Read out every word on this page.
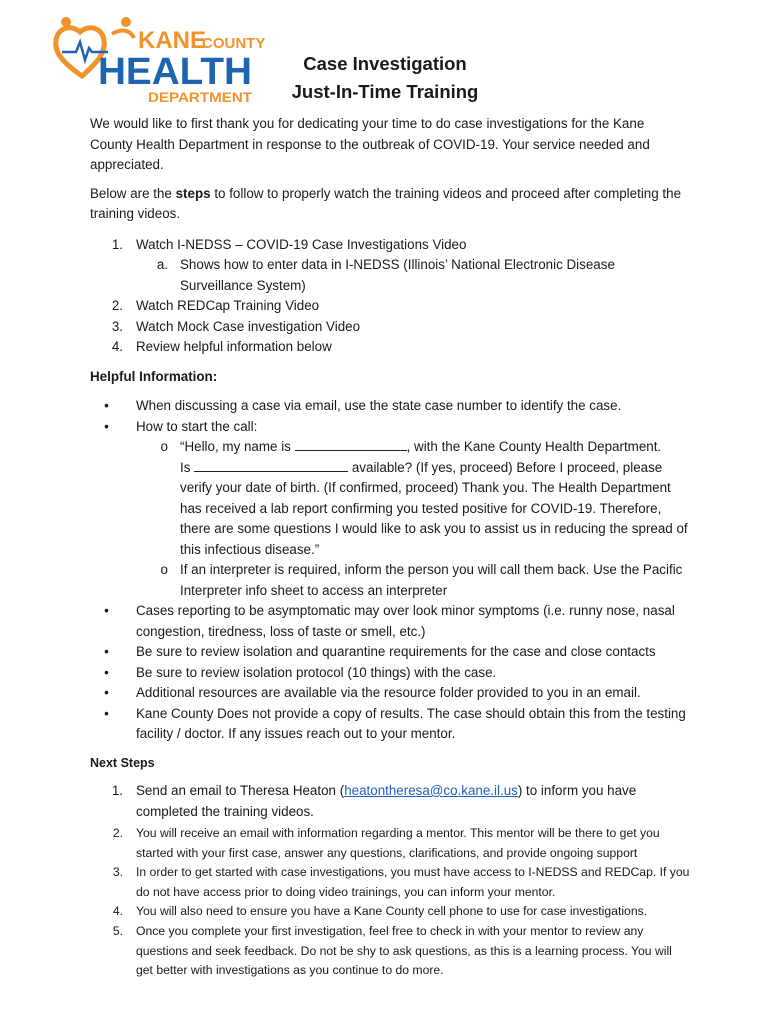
KANE
COUNTY
HEALTH
DEPARTMENT
Case Investigation
Just-In-Time Training

We would like to first thank you for dedicating your time to do case investigations for the Kane County Health Department in response to the outbreak of COVID-19. Your service needed and appreciated.

Below are the steps to follow to properly watch the training videos and proceed after completing the training videos.

1. Watch I-NEDSS – COVID-19 Case Investigations Video
a. Shows how to enter data in I-NEDSS (Illinois’ National Electronic Disease Surveillance System)
2. Watch REDCap Training Video
3. Watch Mock Case investigation Video
4. Review helpful information below
Helpful Information:
•	When discussing a case via email, use the state case number to identify the case.
•	How to start the call:
o “Hello, my name is	, with the Kane County Health Department.
Is	available? (If yes, proceed) Before I proceed, please verify your date of birth. (If confirmed, proceed) Thank you. The Health Department has received a lab report confirming you tested positive for COVID-19. Therefore, there are some questions I would like to ask you to assist us in reducing the spread of this infectious disease.”
o If an interpreter is required, inform the person you will call them back. Use the Pacific Interpreter info sheet to access an interpreter
•	Cases reporting to be asymptomatic may over look minor symptoms (i.e. runny nose, nasal congestion, tiredness, loss of taste or smell, etc.)
•	Be sure to review isolation and quarantine requirements for the case and close contacts
•	Be sure to review isolation protocol (10 things) with the case.
•	Additional resources are available via the resource folder provided to you in an email.
•	Kane County Does not provide a copy of results. The case should obtain this from the testing facility / doctor. If any issues reach out to your mentor.
Next Steps
1. Send an email to Theresa Heaton (heatontheresa@co.kane.il.us) to inform you have completed the training videos.
2.	You will receive an email with information regarding a mentor. This mentor will be there to get you started with your first case, answer any questions, clarifications, and provide ongoing support
3.	In order to get started with case investigations, you must have access to I-NEDSS and REDCap. If you do not have access prior to doing video trainings, you can inform your mentor.
4.	You will also need to ensure you have a Kane County cell phone to use for case investigations.
5.	Once you complete your first investigation, feel free to check in with your mentor to review any questions and seek feedback. Do not be shy to ask questions, as this is a learning process. You will get better with investigations as you continue to do more.
